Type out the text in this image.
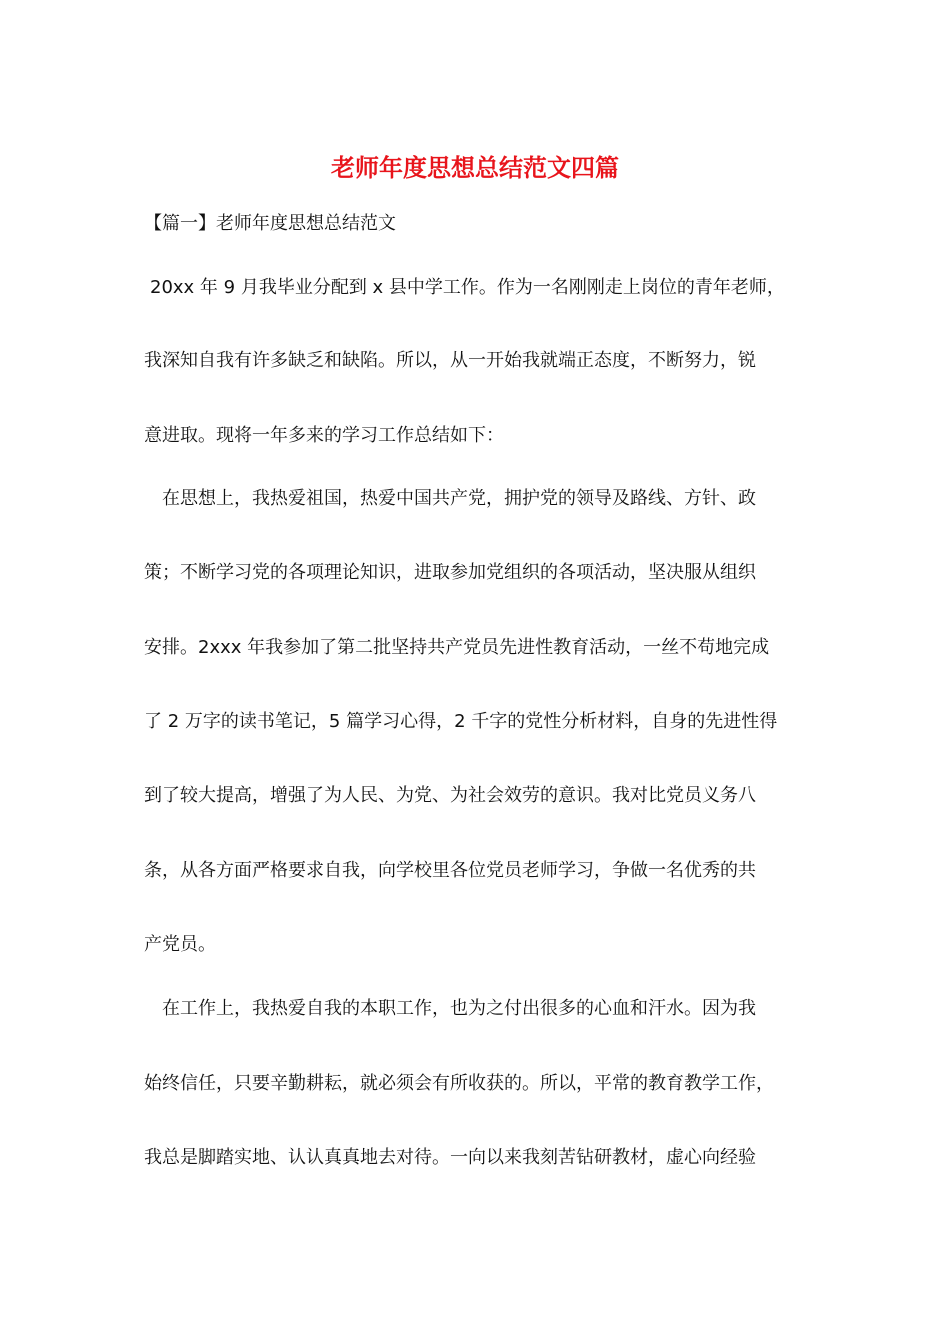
老师年度思想总结范文四篇

【篇一】老师年度思想总结范文

20xx 年 9 月我毕业分配到 x 县中学工作。作为一名刚刚走上岗位的青年老师，

我深知自我有许多缺乏和缺陷。所以，从一开始我就端正态度，不断努力，锐

意进取。现将一年多来的学习工作总结如下：

在思想上，我热爱祖国，热爱中国共产党，拥护党的领导及路线、方针、政

策；不断学习党的各项理论知识，进取参加党组织的各项活动，坚决服从组织

安排。2xxx 年我参加了第二批坚持共产党员先进性教育活动，一丝不苟地完成

了 2 万字的读书笔记，5 篇学习心得，2 千字的党性分析材料，自身的先进性得

到了较大提高，增强了为人民、为党、为社会效劳的意识。我对比党员义务八

条，从各方面严格要求自我，向学校里各位党员老师学习，争做一名优秀的共

产党员。

在工作上，我热爱自我的本职工作，也为之付出很多的心血和汗水。因为我

始终信任，只要辛勤耕耘，就必须会有所收获的。所以，平常的教育教学工作，

我总是脚踏实地、认认真真地去对待。一向以来我刻苦钻研教材，虚心向经验
